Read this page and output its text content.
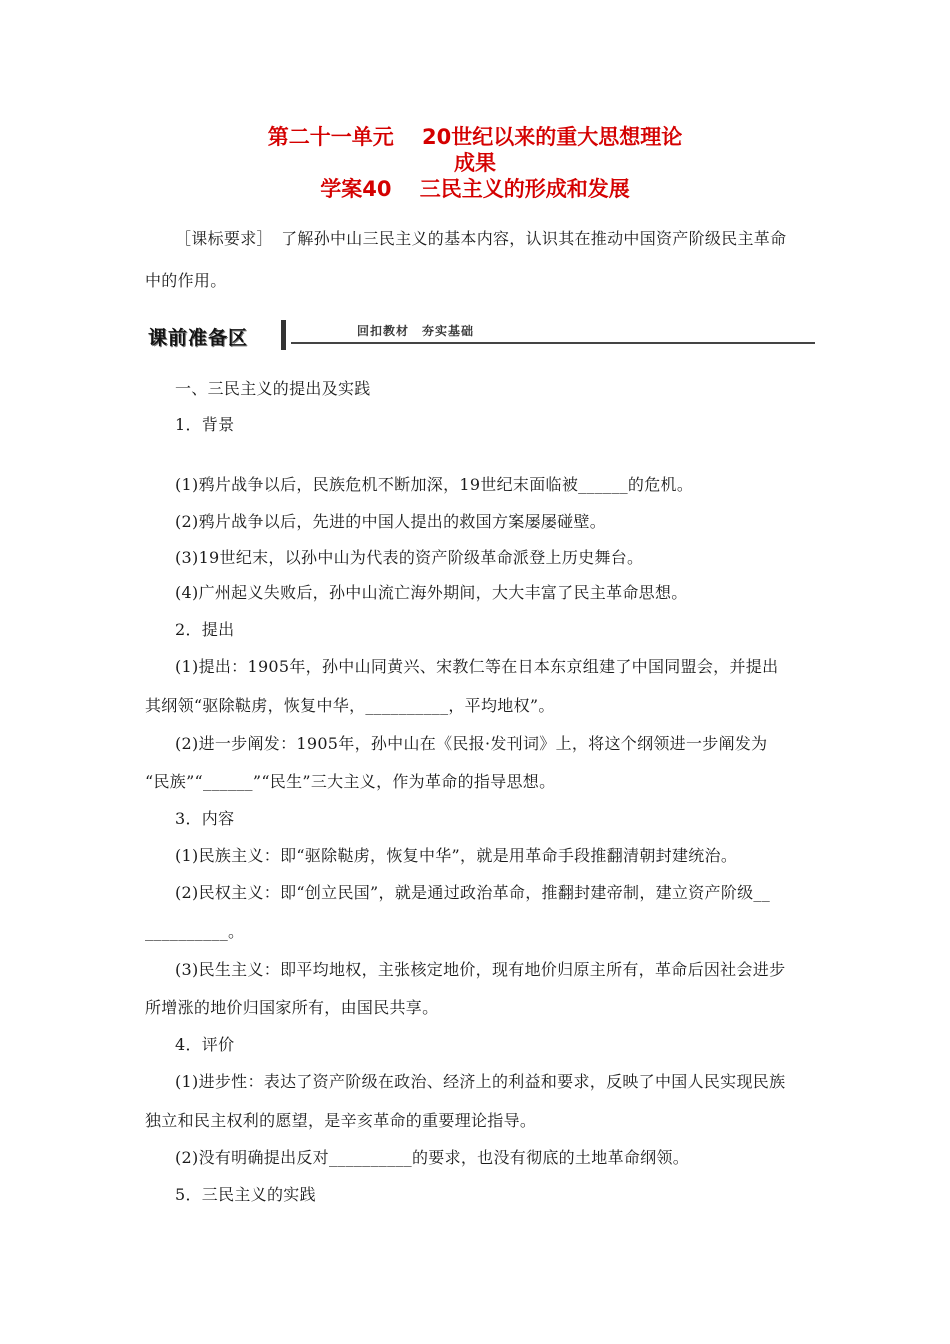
第二十一单元　 20世纪以来的重大思想理论
成果
学案40　 三民主义的形成和发展
［课标要求］　了解孙中山三民主义的基本内容，认识其在推动中国资产阶级民主革命
中的作用。
课前准备区	回扣教材　夯实基础
一、三民主义的提出及实践
1．背景
(1)鸦片战争以后，民族危机不断加深，19世纪末面临被______的危机。
(2)鸦片战争以后，先进的中国人提出的救国方案屡屡碰壁。
(3)19世纪末，以孙中山为代表的资产阶级革命派登上历史舞台。
(4)广州起义失败后，孙中山流亡海外期间，大大丰富了民主革命思想。
2．提出
(1)提出：1905年，孙中山同黄兴、宋教仁等在日本东京组建了中国同盟会，并提出
其纲领“驱除鞑虏，恢复中华，__________，平均地权”。
(2)进一步阐发：1905年，孙中山在《民报·发刊词》上，将这个纲领进一步阐发为
“民族”“______”“民生”三大主义，作为革命的指导思想。
3．内容
(1)民族主义：即“驱除鞑虏，恢复中华”，就是用革命手段推翻清朝封建统治。
(2)民权主义：即“创立民国”，就是通过政治革命，推翻封建帝制，建立资产阶级__
__________。
(3)民生主义：即平均地权，主张核定地价，现有地价归原主所有，革命后因社会进步
所增涨的地价归国家所有，由国民共享。
4．评价
(1)进步性：表达了资产阶级在政治、经济上的利益和要求，反映了中国人民实现民族
独立和民主权利的愿望，是辛亥革命的重要理论指导。
(2)没有明确提出反对__________的要求，也没有彻底的土地革命纲领。
5．三民主义的实践
